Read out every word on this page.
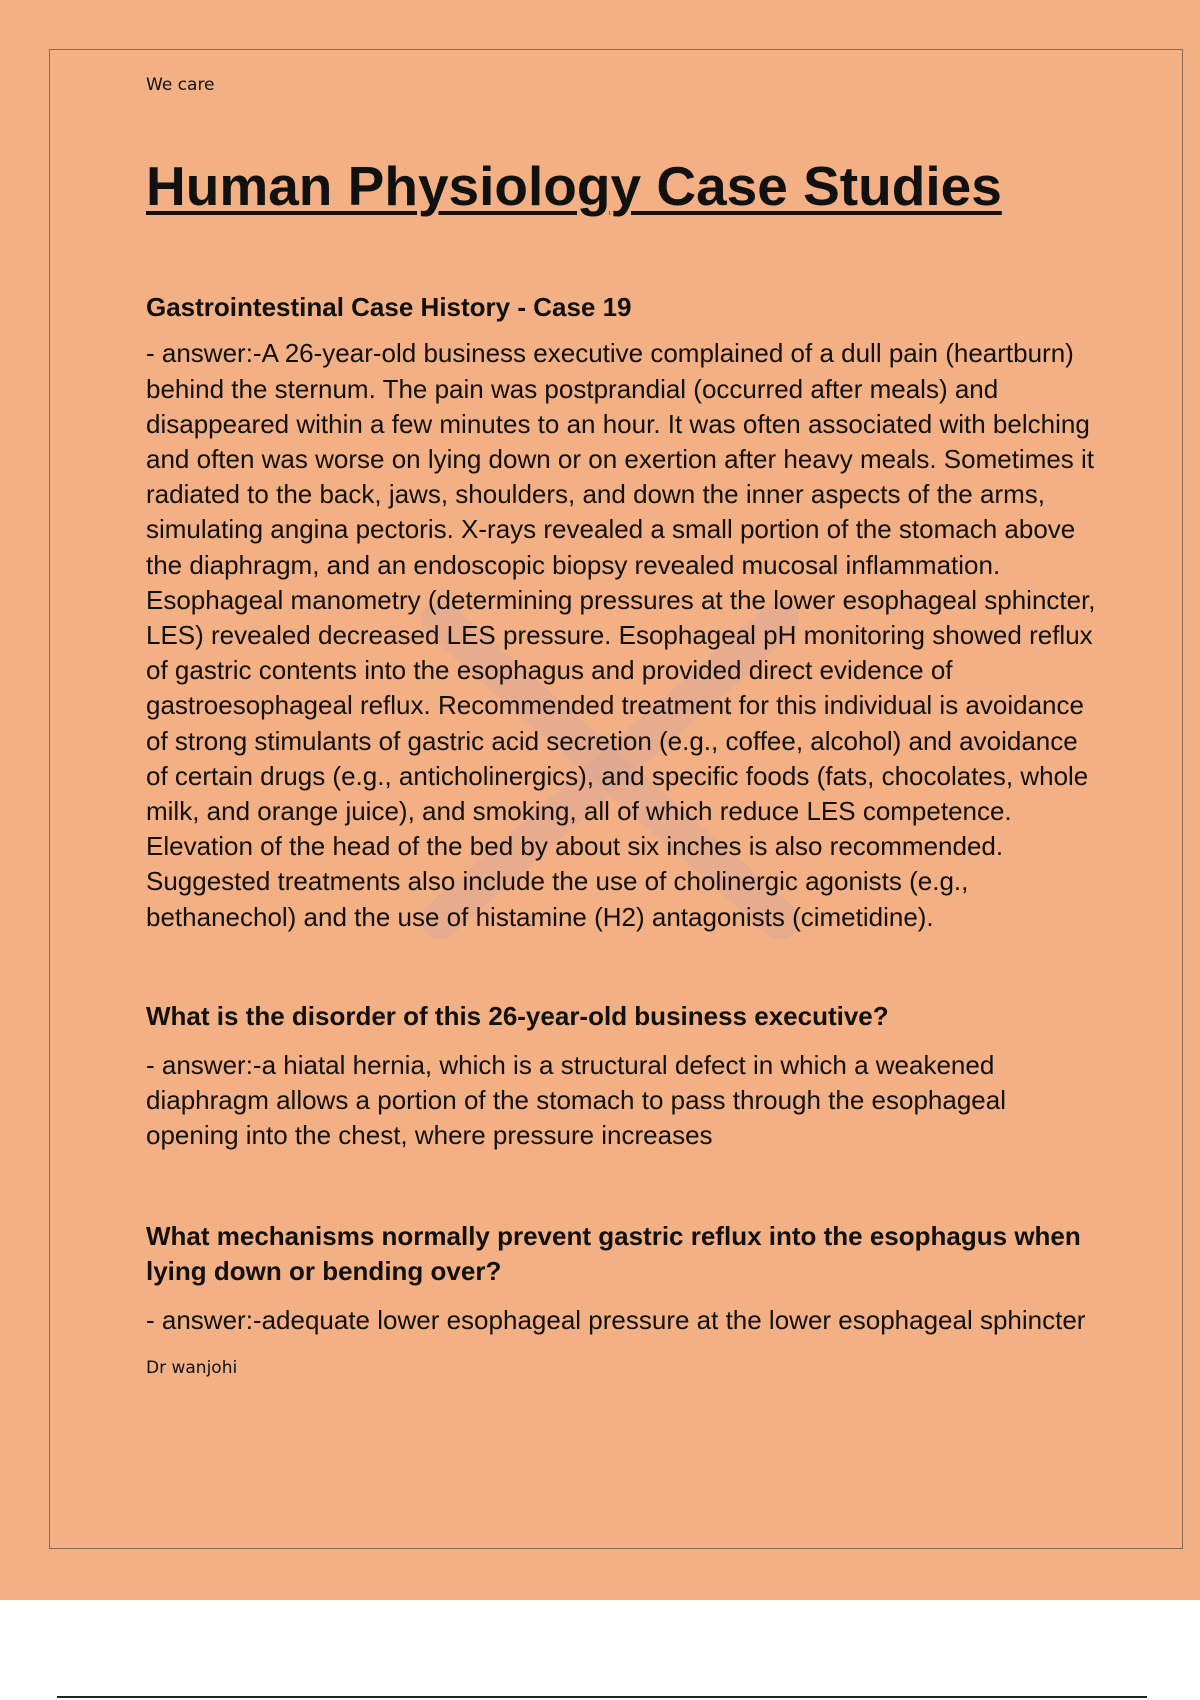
We care
Human Physiology Case Studies
Gastrointestinal Case History - Case 19
- answer:-A 26-year-old business executive complained of a dull pain (heartburn) behind the sternum. The pain was postprandial (occurred after meals) and disappeared within a few minutes to an hour. It was often associated with belching and often was worse on lying down or on exertion after heavy meals. Sometimes it radiated to the back, jaws, shoulders, and down the inner aspects of the arms, simulating angina pectoris. X-rays revealed a small portion of the stomach above the diaphragm, and an endoscopic biopsy revealed mucosal inflammation. Esophageal manometry (determining pressures at the lower esophageal sphincter, LES) revealed decreased LES pressure. Esophageal pH monitoring showed reflux of gastric contents into the esophagus and provided direct evidence of gastroesophageal reflux. Recommended treatment for this individual is avoidance of strong stimulants of gastric acid secretion (e.g., coffee, alcohol) and avoidance of certain drugs (e.g., anticholinergics), and specific foods (fats, chocolates, whole milk, and orange juice), and smoking, all of which reduce LES competence. Elevation of the head of the bed by about six inches is also recommended. Suggested treatments also include the use of cholinergic agonists (e.g., bethanechol) and the use of histamine (H2) antagonists (cimetidine).
What is the disorder of this 26-year-old business executive?
- answer:-a hiatal hernia, which is a structural defect in which a weakened diaphragm allows a portion of the stomach to pass through the esophageal opening into the chest, where pressure increases
What mechanisms normally prevent gastric reflux into the esophagus when lying down or bending over?
- answer:-adequate lower esophageal pressure at the lower esophageal sphincter
Dr wanjohi
